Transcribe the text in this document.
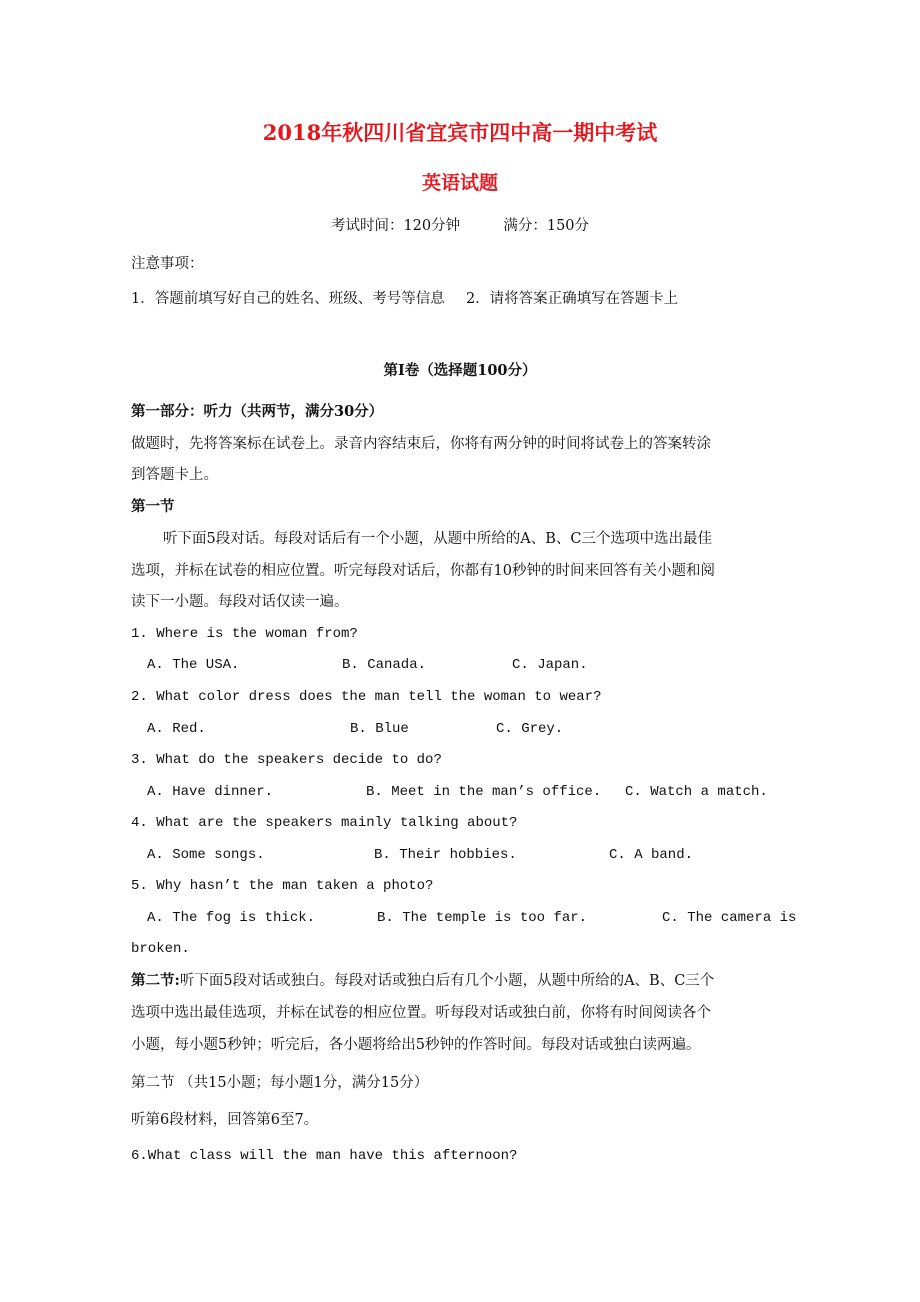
2018年秋四川省宜宾市四中高一期中考试
英语试题
考试时间：120分钟	满分：150分
注意事项：
1．答题前填写好自己的姓名、班级、考号等信息 2．请将答案正确填写在答题卡上
第Ⅰ卷（选择题100分）
第一部分：听力（共两节，满分30分）
做题时，先将答案标在试卷上。录音内容结束后，你将有两分钟的时间将试卷上的答案转涂
到答题卡上。
第一节
听下面5段对话。每段对话后有一个小题，从题中所给的A、B、C三个选项中选出最佳
选项，并标在试卷的相应位置。听完每段对话后，你都有10秒钟的时间来回答有关小题和阅
读下一小题。每段对话仅读一遍。
1. Where is the woman from?
A. The USA.	B. Canada.	C. Japan.
2. What color dress does the man tell the woman to wear?
A. Red.	B. Blue	C. Grey.
3. What do the speakers decide to do?
A. Have dinner.	B. Meet in the man’s office. C. Watch a match.
4. What are the speakers mainly talking about?
A. Some songs.	B. Their hobbies.	C. A band.
5. Why hasn’t the man taken a photo?
A. The fog is thick.	B. The temple is too far.	C. The camera is
broken.
第二节:听下面5段对话或独白。每段对话或独白后有几个小题，从题中所给的A、B、C三个
选项中选出最佳选项，并标在试卷的相应位置。听每段对话或独白前，你将有时间阅读各个
小题，每小题5秒钟；听完后，各小题将给出5秒钟的作答时间。每段对话或独白读两遍。
第二节 （共15小题；每小题1分，满分15分）
听第6段材料，回答第6至7。
6.What class will the man have this afternoon?
